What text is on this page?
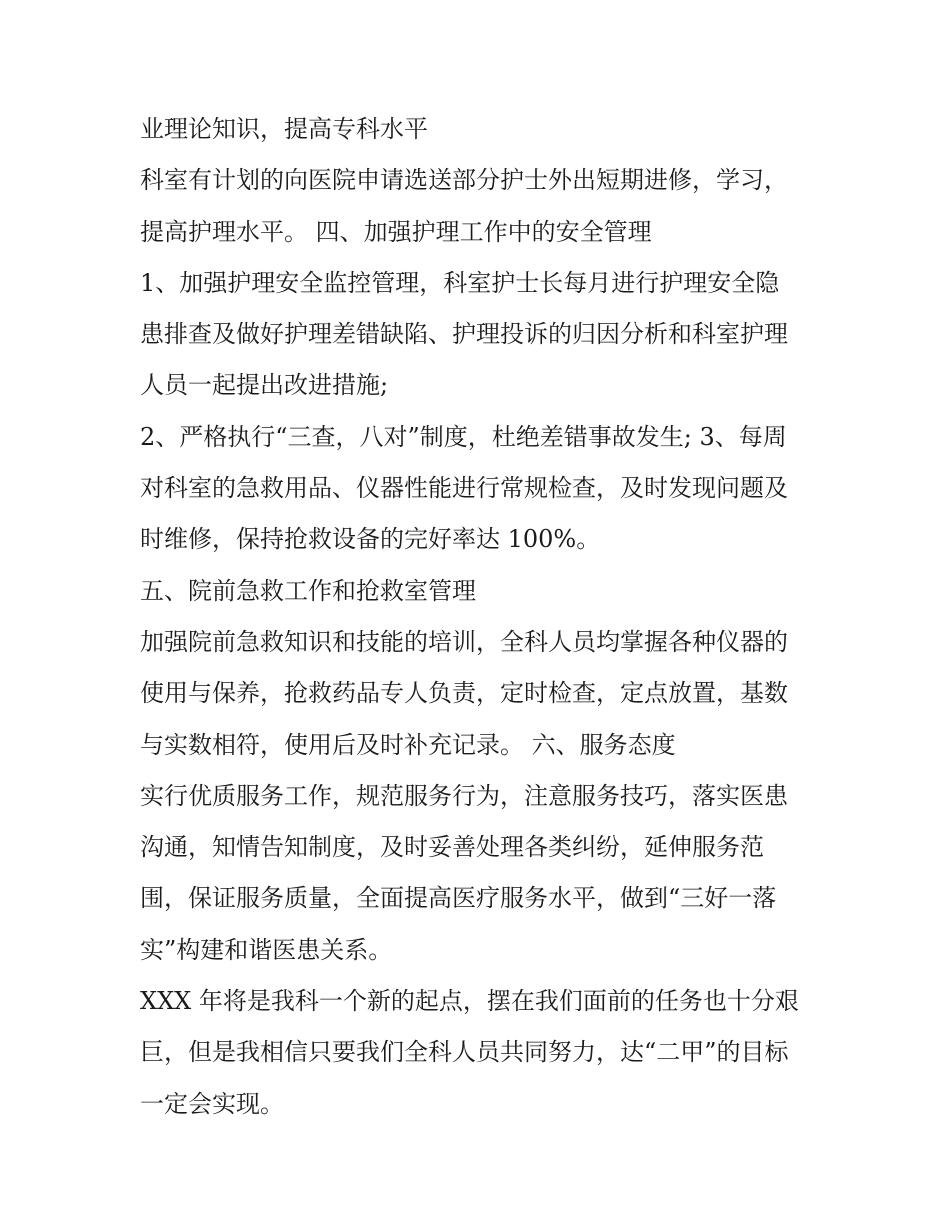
业理论知识，提高专科水平
科室有计划的向医院申请选送部分护士外出短期进修，学习，
提高护理水平。 四、加强护理工作中的安全管理
1、加强护理安全监控管理，科室护士长每月进行护理安全隐
患排查及做好护理差错缺陷、护理投诉的归因分析和科室护理
人员一起提出改进措施;
2、严格执行“三查，八对”制度，杜绝差错事故发生; 3、每周
对科室的急救用品、仪器性能进行常规检查，及时发现问题及
时维修，保持抢救设备的完好率达 100%。
五、院前急救工作和抢救室管理
加强院前急救知识和技能的培训，全科人员均掌握各种仪器的
使用与保养，抢救药品专人负责，定时检查，定点放置，基数
与实数相符，使用后及时补充记录。 六、服务态度
实行优质服务工作，规范服务行为，注意服务技巧，落实医患
沟通，知情告知制度，及时妥善处理各类纠纷，延伸服务范
围，保证服务质量，全面提高医疗服务水平，做到“三好一落
实”构建和谐医患关系。
XXX 年将是我科一个新的起点，摆在我们面前的任务也十分艰
巨，但是我相信只要我们全科人员共同努力，达“二甲”的目标
一定会实现。
